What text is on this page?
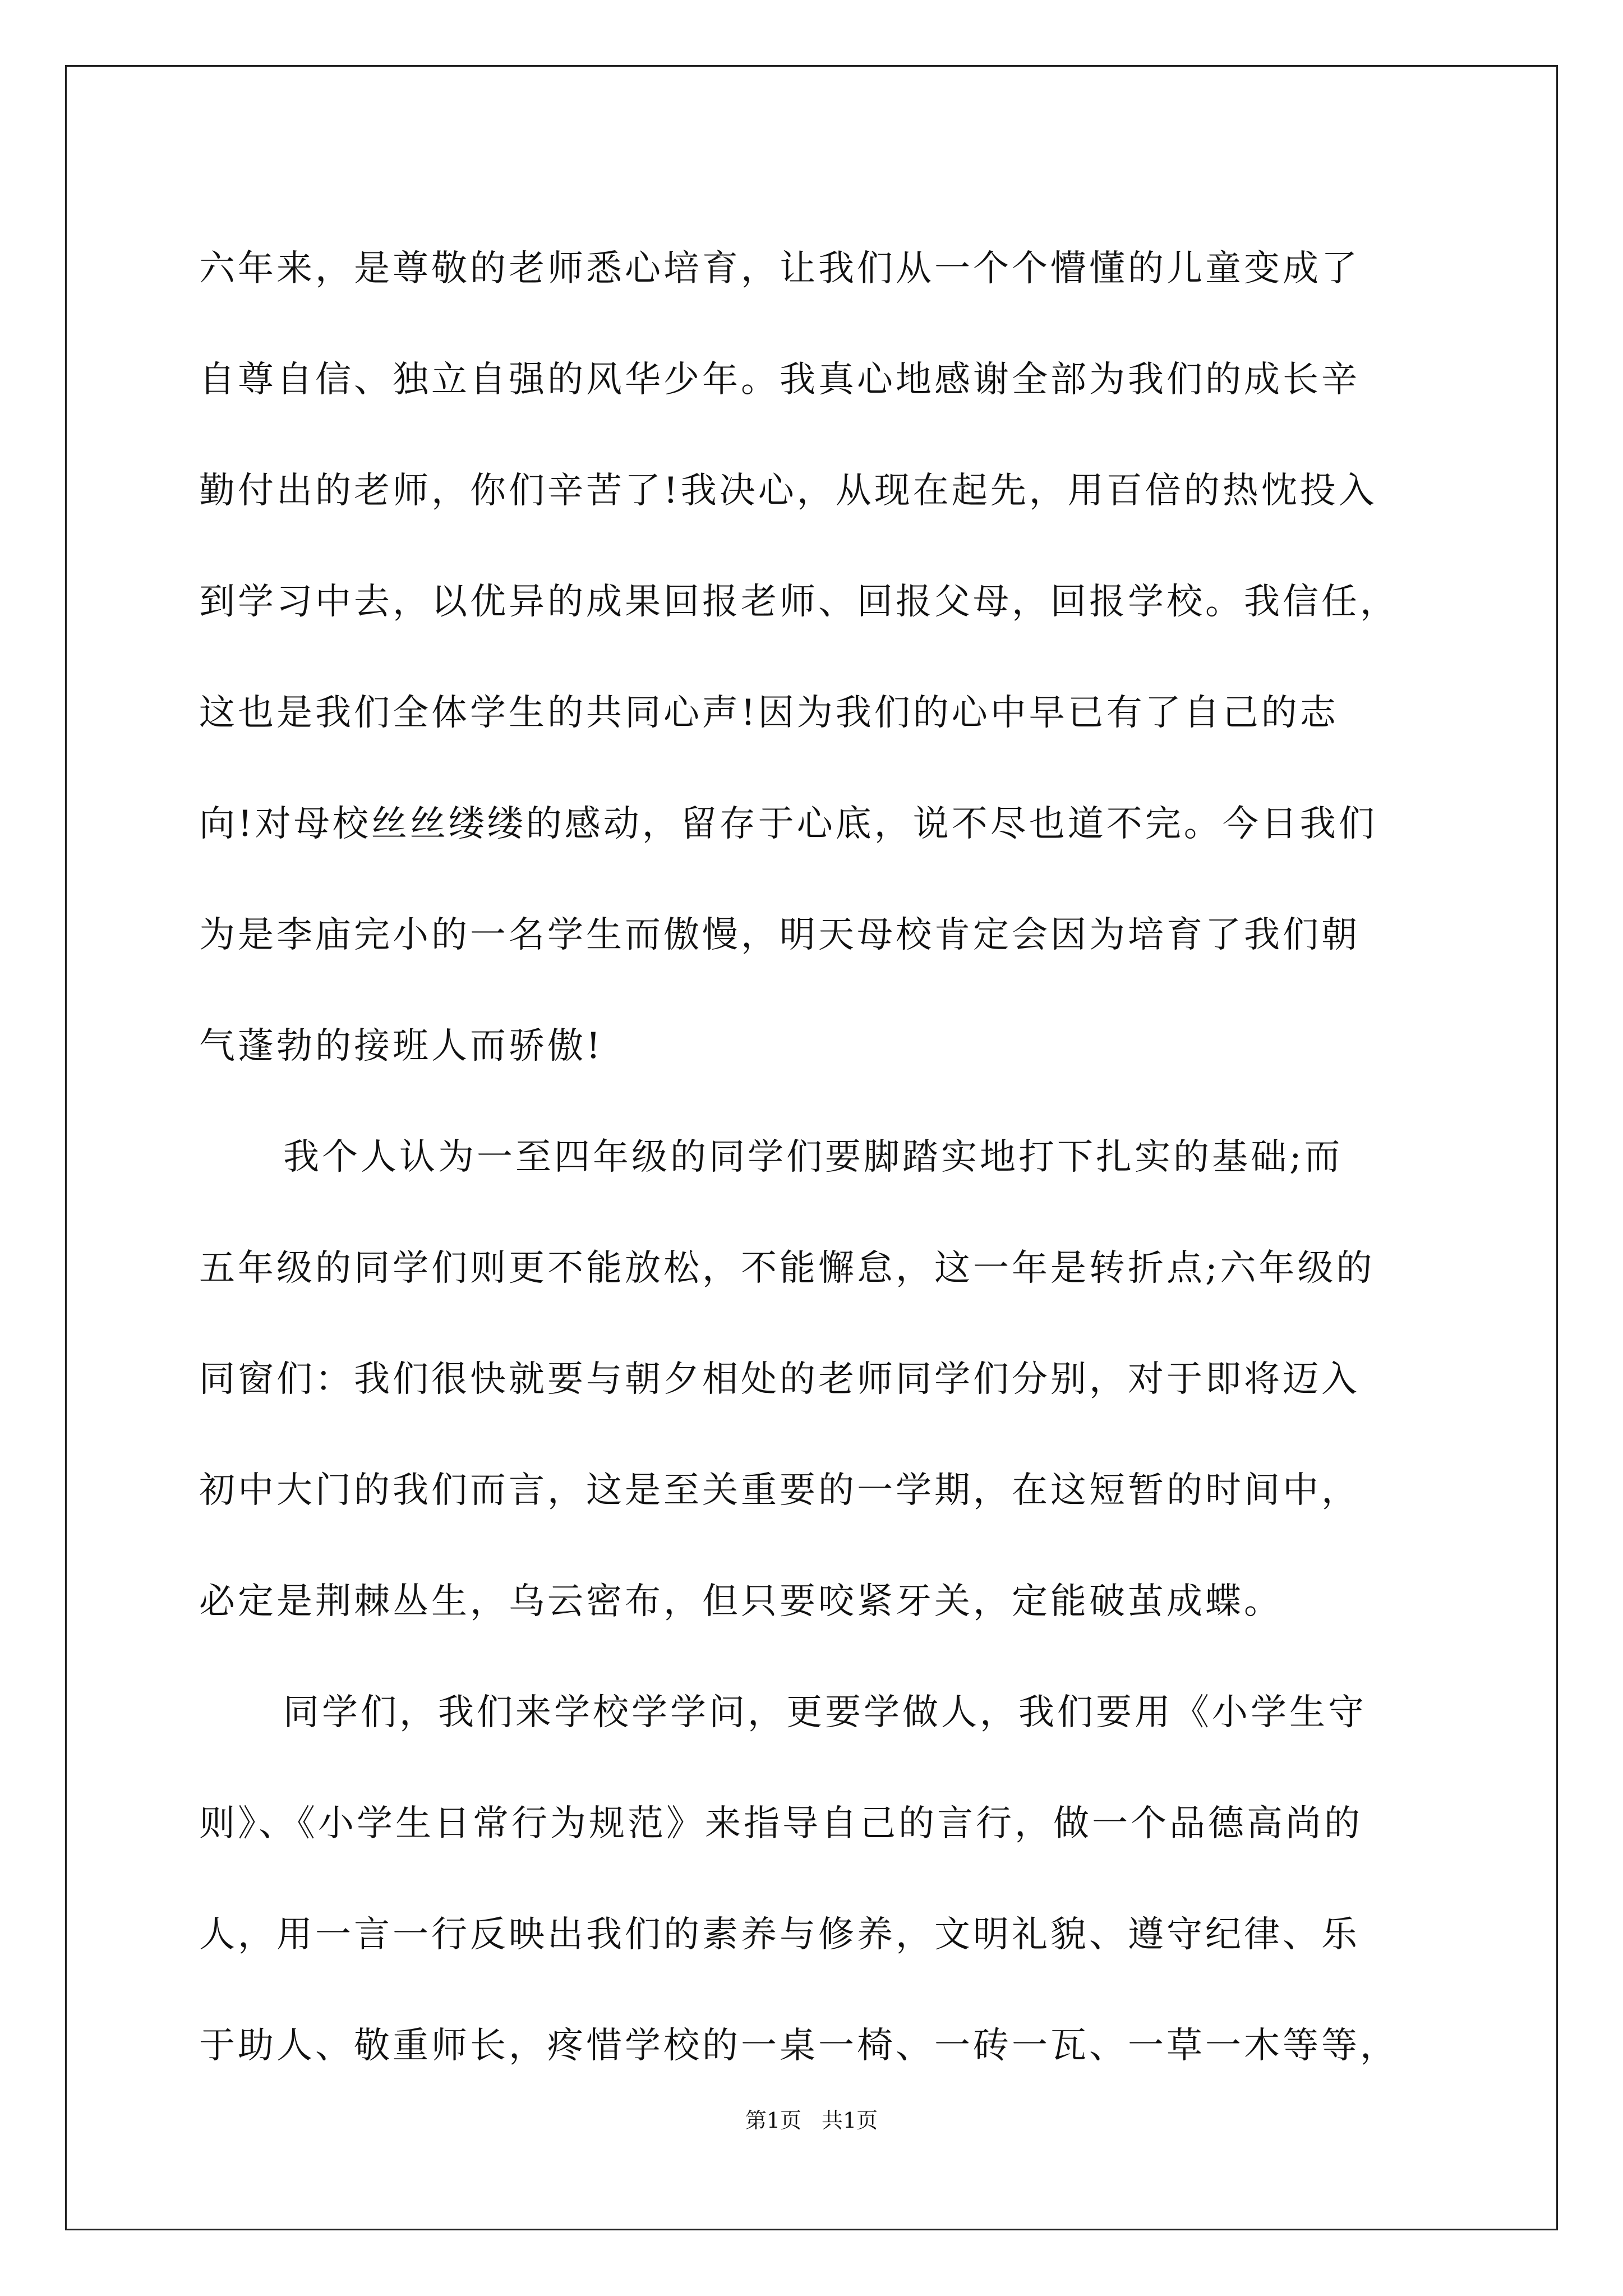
六年来，是尊敬的老师悉心培育，让我们从一个个懵懂的儿童变成了
自尊自信、独立自强的风华少年。我真心地感谢全部为我们的成长辛
勤付出的老师，你们辛苦了!我决心，从现在起先，用百倍的热忱投入
到学习中去，以优异的成果回报老师、回报父母，回报学校。我信任，
这也是我们全体学生的共同心声!因为我们的心中早已有了自己的志
向!对母校丝丝缕缕的感动，留存于心底，说不尽也道不完。今日我们
为是李庙完小的一名学生而傲慢，明天母校肯定会因为培育了我们朝
气蓬勃的接班人而骄傲!
我个人认为一至四年级的同学们要脚踏实地打下扎实的基础;而
五年级的同学们则更不能放松，不能懈怠，这一年是转折点;六年级的
同窗们：我们很快就要与朝夕相处的老师同学们分别，对于即将迈入
初中大门的我们而言，这是至关重要的一学期，在这短暂的时间中，
必定是荆棘丛生，乌云密布，但只要咬紧牙关，定能破茧成蝶。
同学们，我们来学校学学问，更要学做人，我们要用《小学生守
则》、《小学生日常行为规范》来指导自己的言行，做一个品德高尚的
人，用一言一行反映出我们的素养与修养，文明礼貌、遵守纪律、乐
于助人、敬重师长，疼惜学校的一桌一椅、一砖一瓦、一草一木等等，
第1页 共1页
